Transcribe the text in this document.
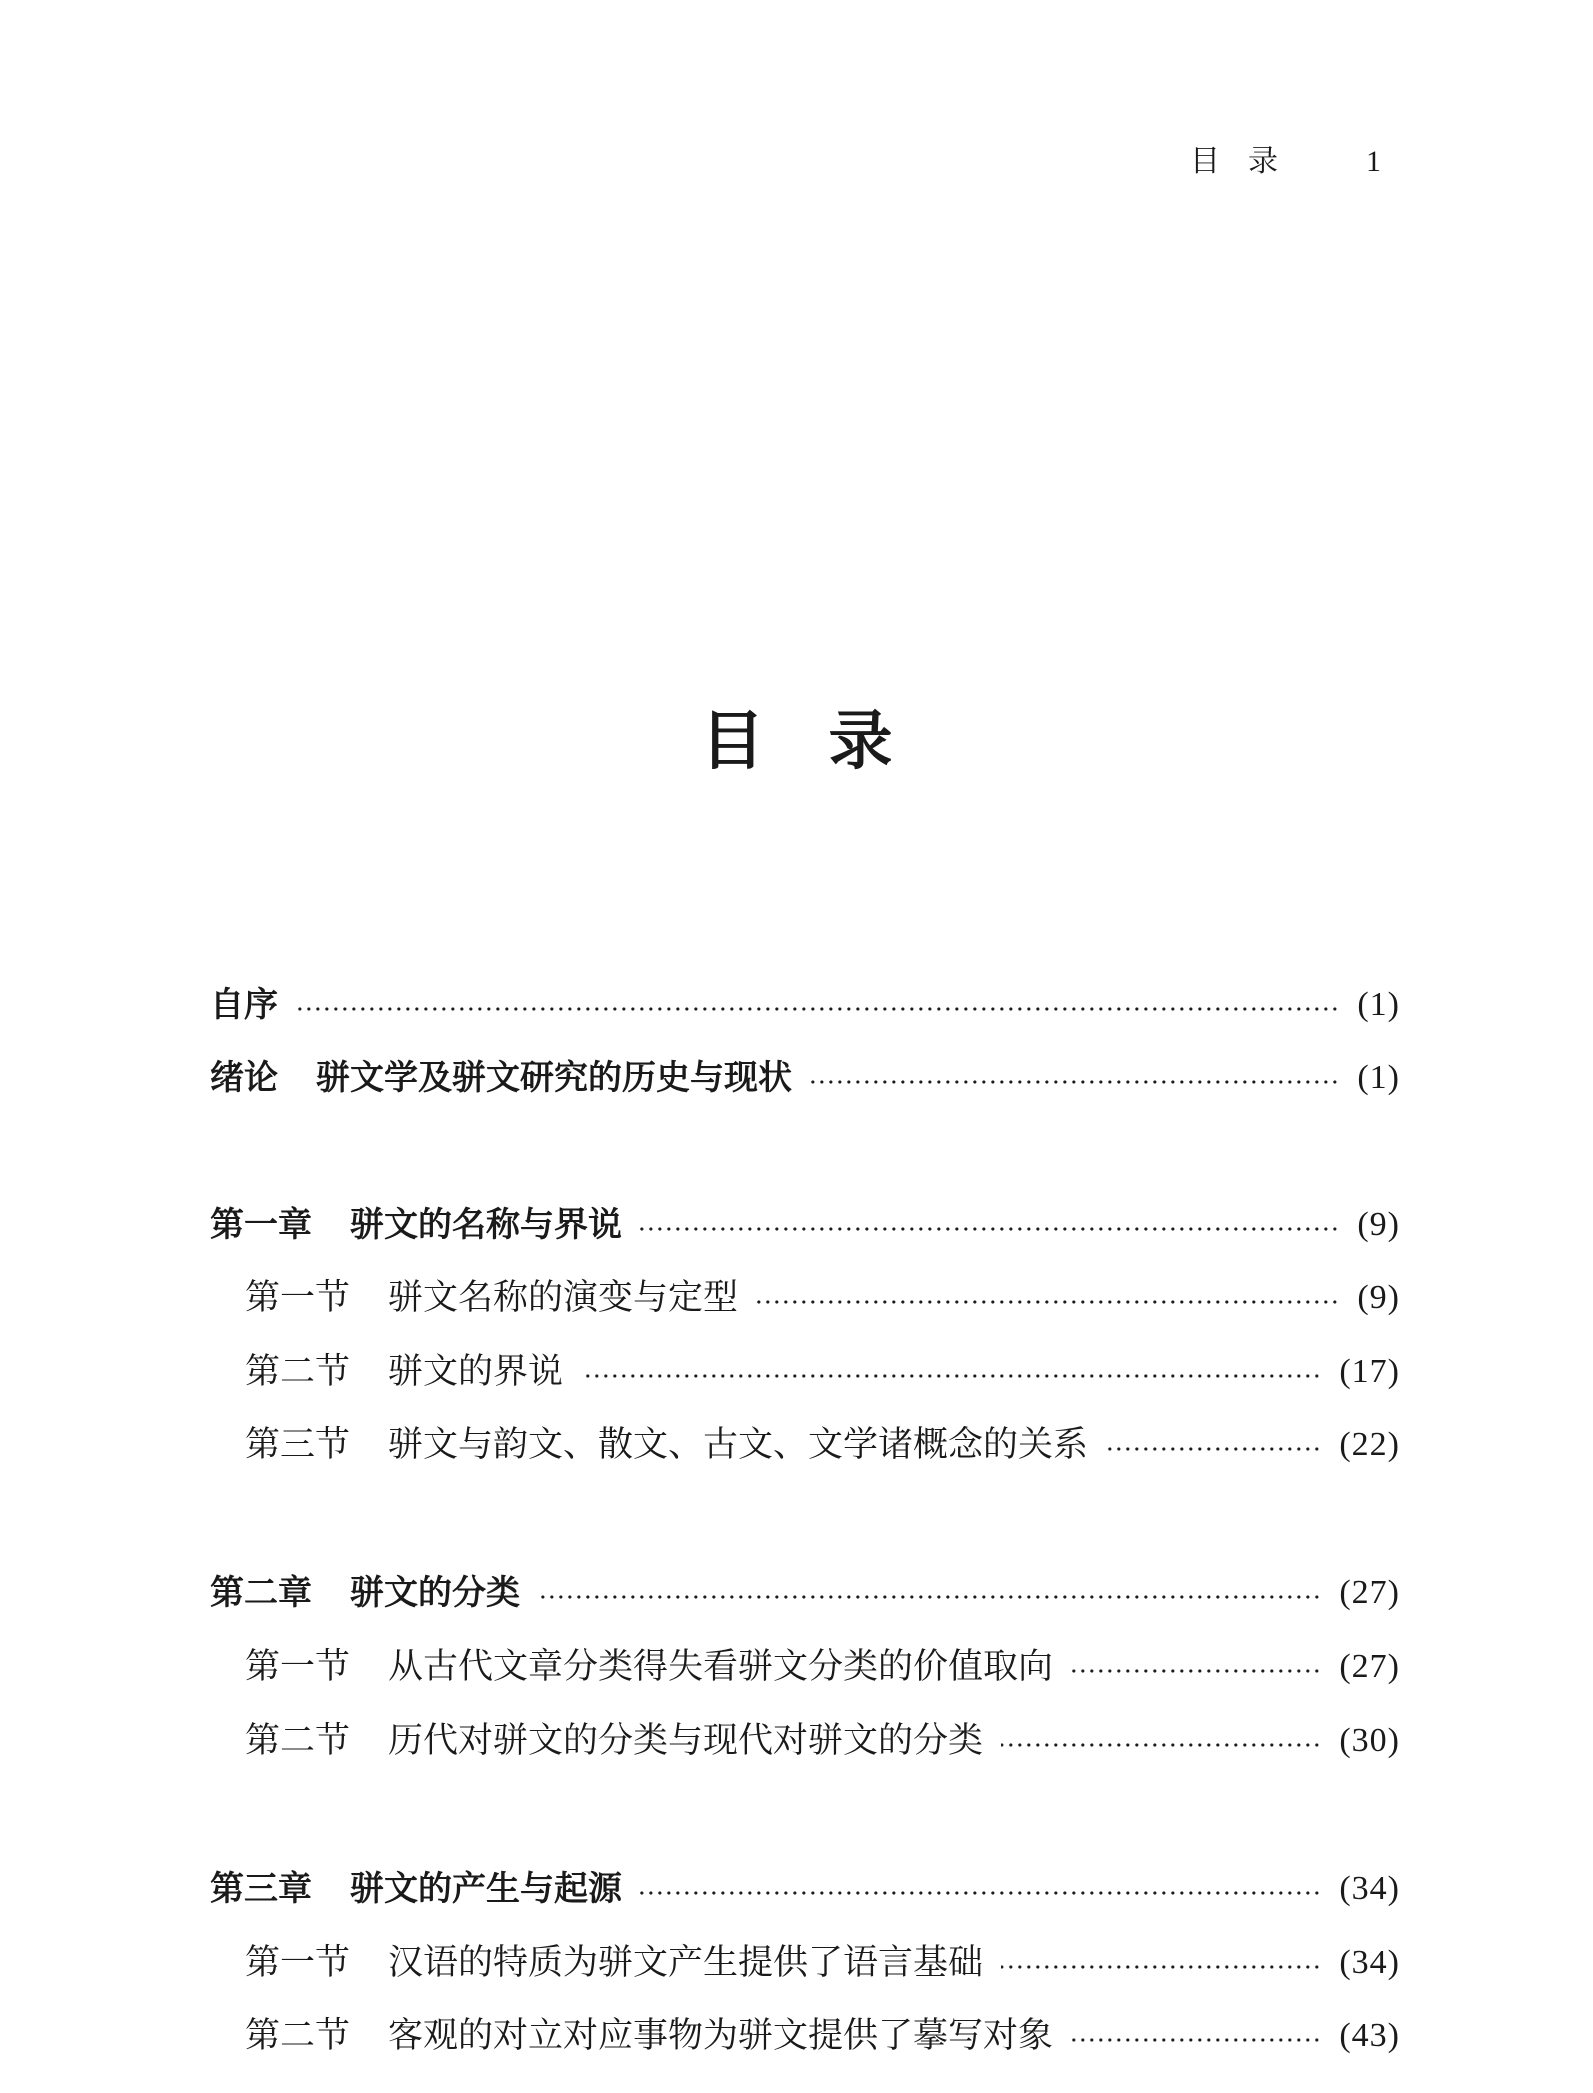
目录 1
目录
自序	(1)
绪论 骈文学及骈文研究的历史与现状	(1)
第一章 骈文的名称与界说	(9)
第一节 骈文名称的演变与定型	(9)
第二节 骈文的界说	(17)
第三节 骈文与韵文、散文、古文、文学诸概念的关系	(22)
第二章 骈文的分类	(27)
第一节 从古代文章分类得失看骈文分类的价值取向	(27)
第二节 历代对骈文的分类与现代对骈文的分类	(30)
第三章 骈文的产生与起源	(34)
第一节 汉语的特质为骈文产生提供了语言基础	(34)
第二节 客观的对立对应事物为骈文提供了摹写对象	(43)
